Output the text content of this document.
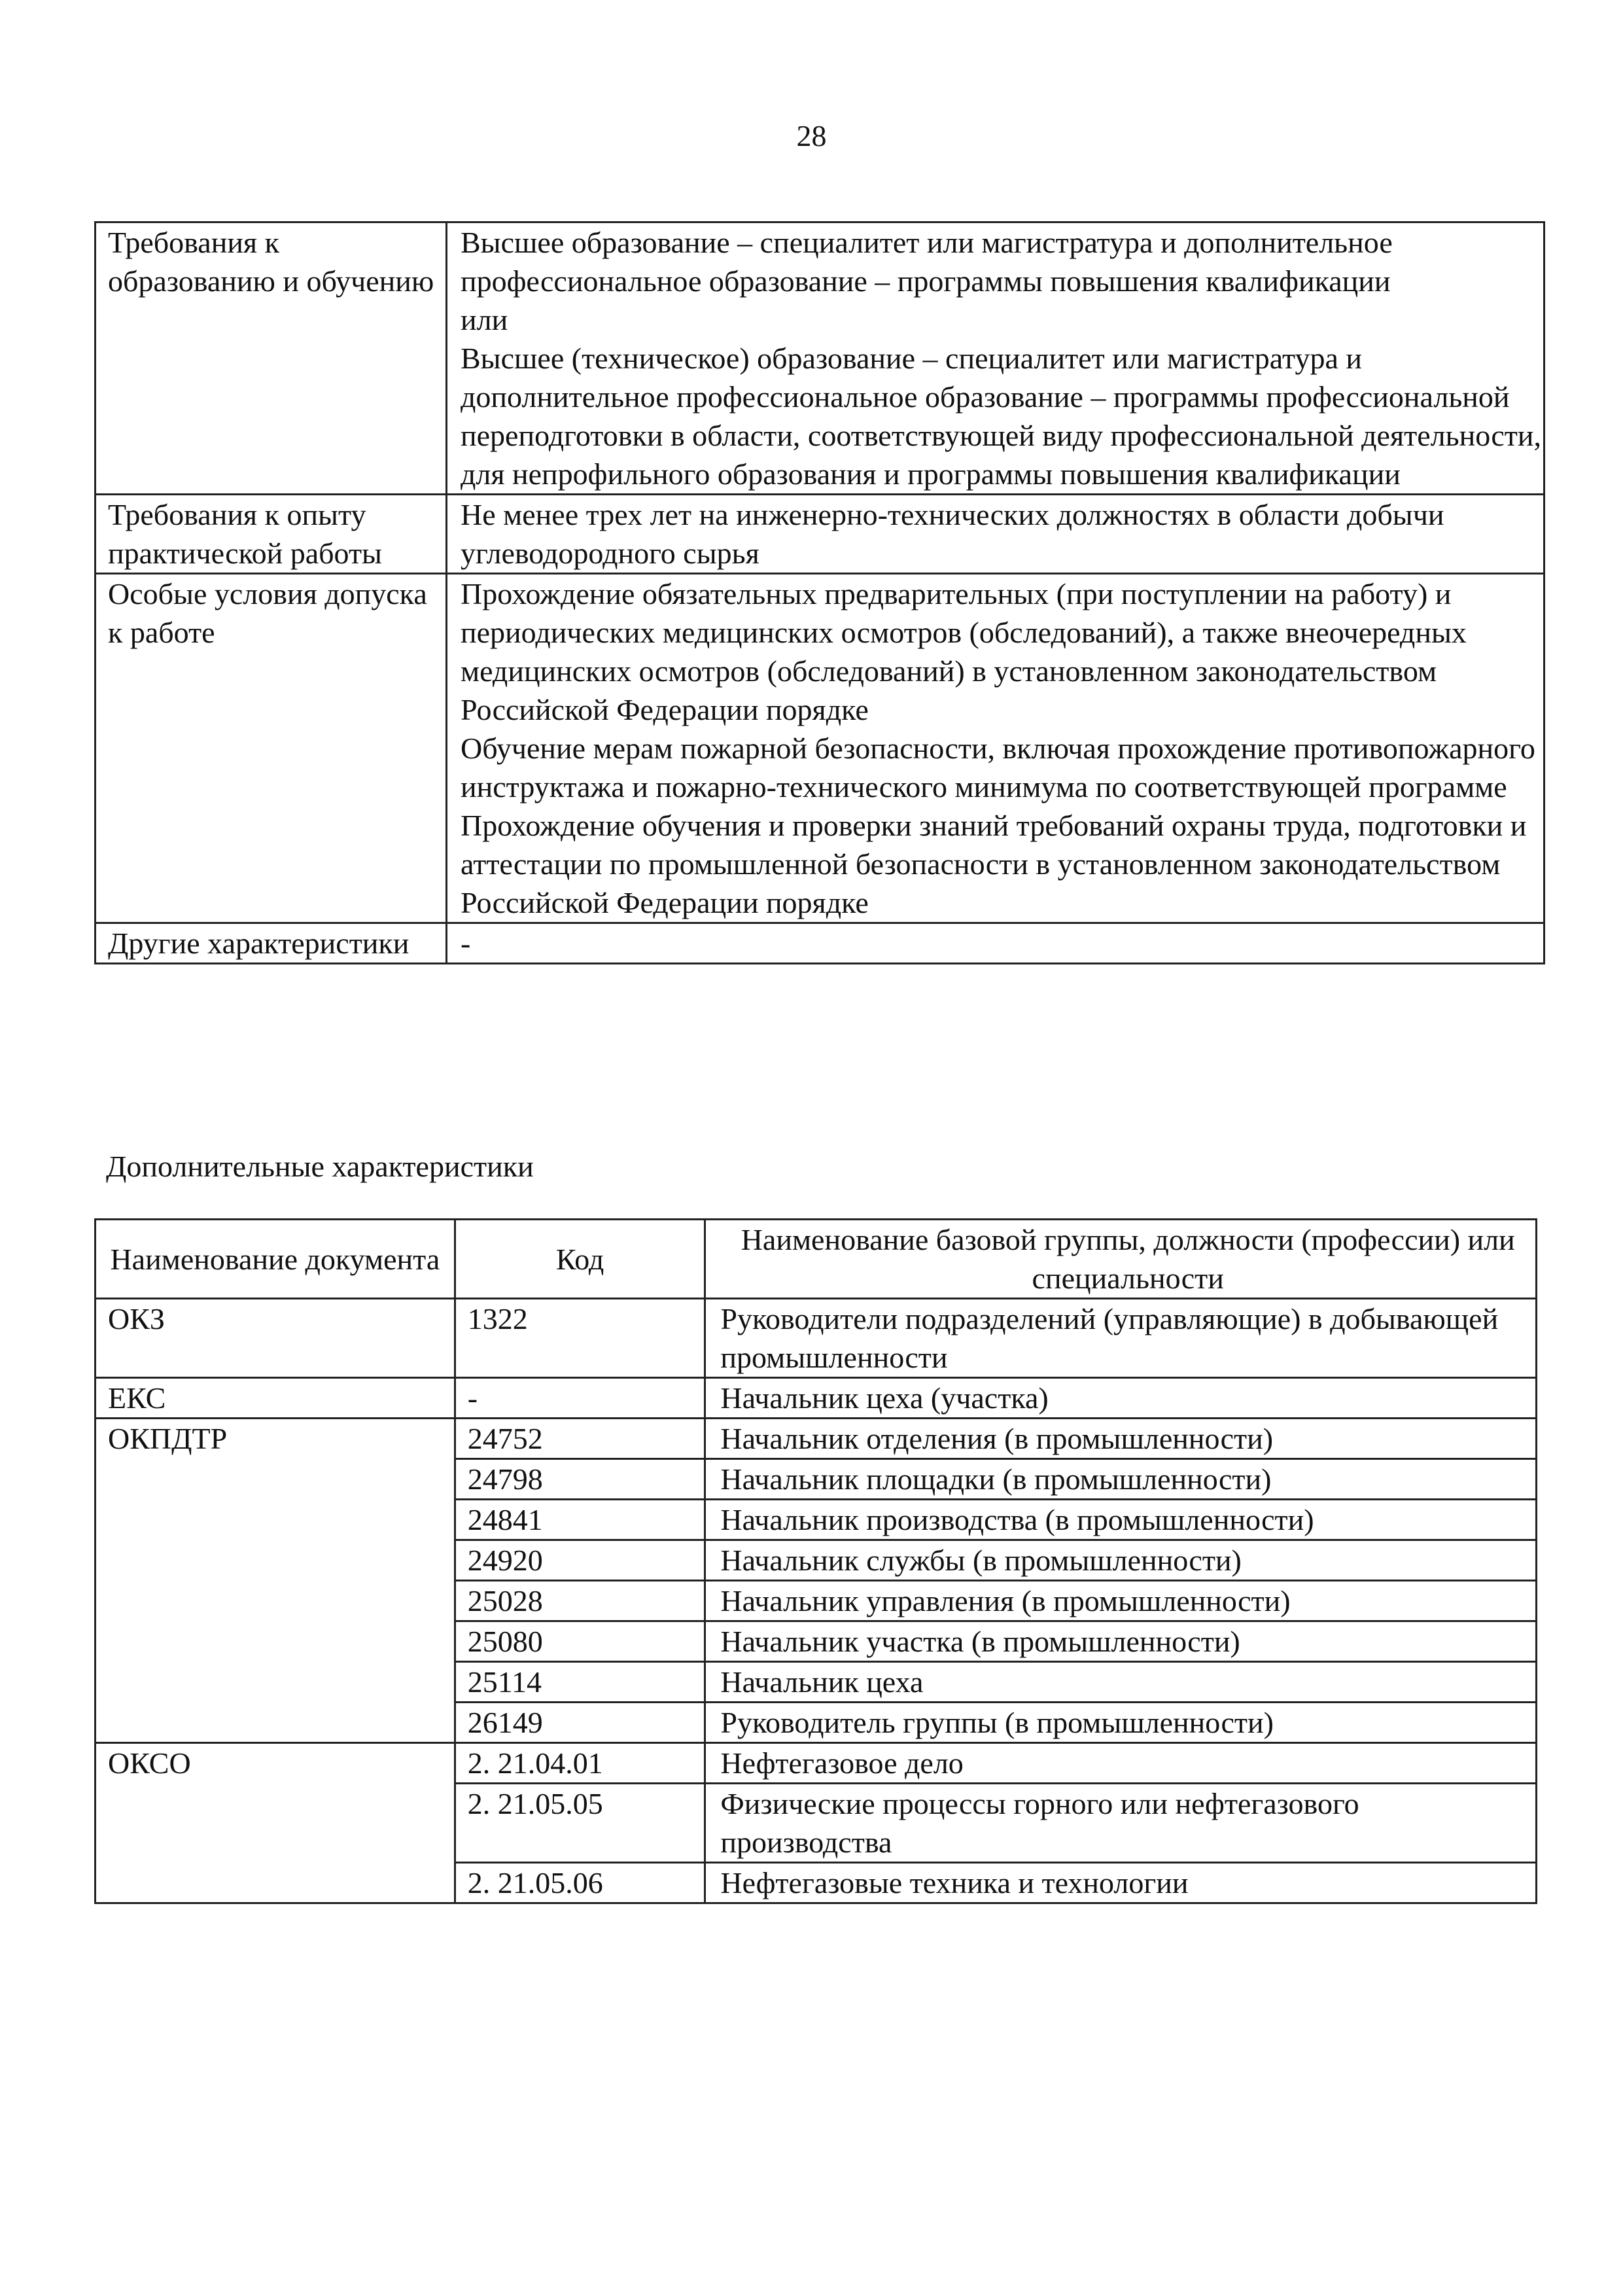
28
Требования к образованию и обучению	Высшее образование – специалитет или магистратура и дополнительное профессиональное образование – программы повышения квалификации

или

Высшее (техническое) образование – специалитет или магистратура и дополнительное профессиональное образование – программы профессиональной переподготовки в области, соответствующей виду профессиональной деятельности, для непрофильного образования и программы повышения квалификации

Требования к опыту практической работы	Не менее трех лет на инженерно-технических должностях в области добычи углеводородного сырья

Особые условия допуска к работе	Прохождение обязательных предварительных (при поступлении на работу) и периодических медицинских осмотров (обследований), а также внеочередных медицинских осмотров (обследований) в установленном законодательством Российской Федерации порядке

Обучение мерам пожарной безопасности, включая прохождение противопожарного инструктажа и пожарно-технического минимума по соответствующей программе

Прохождение обучения и проверки знаний требований охраны труда, подготовки и аттестации по промышленной безопасности в установленном законодательством Российской Федерации порядке

Другие характеристики	-

Дополнительные характеристики
Наименование документа	Код	Наименование базовой группы, должности (профессии) или специальности
ОКЗ	1322	Руководители подразделений (управляющие) в добывающей промышленности
ЕКС	-	Начальник цеха (участка)
ОКПДТР	24752	Начальник отделения (в промышленности)
	24798	Начальник площадки (в промышленности)
	24841	Начальник производства (в промышленности)
	24920	Начальник службы (в промышленности)
	25028	Начальник управления (в промышленности)
	25080	Начальник участка (в промышленности)
	25114	Начальник цеха
	26149	Руководитель группы (в промышленности)
ОКСО	2. 21.04.01	Нефтегазовое дело
	2. 21.05.05	Физические процессы горного или нефтегазового производства
	2. 21.05.06	Нефтегазовые техника и технологии
